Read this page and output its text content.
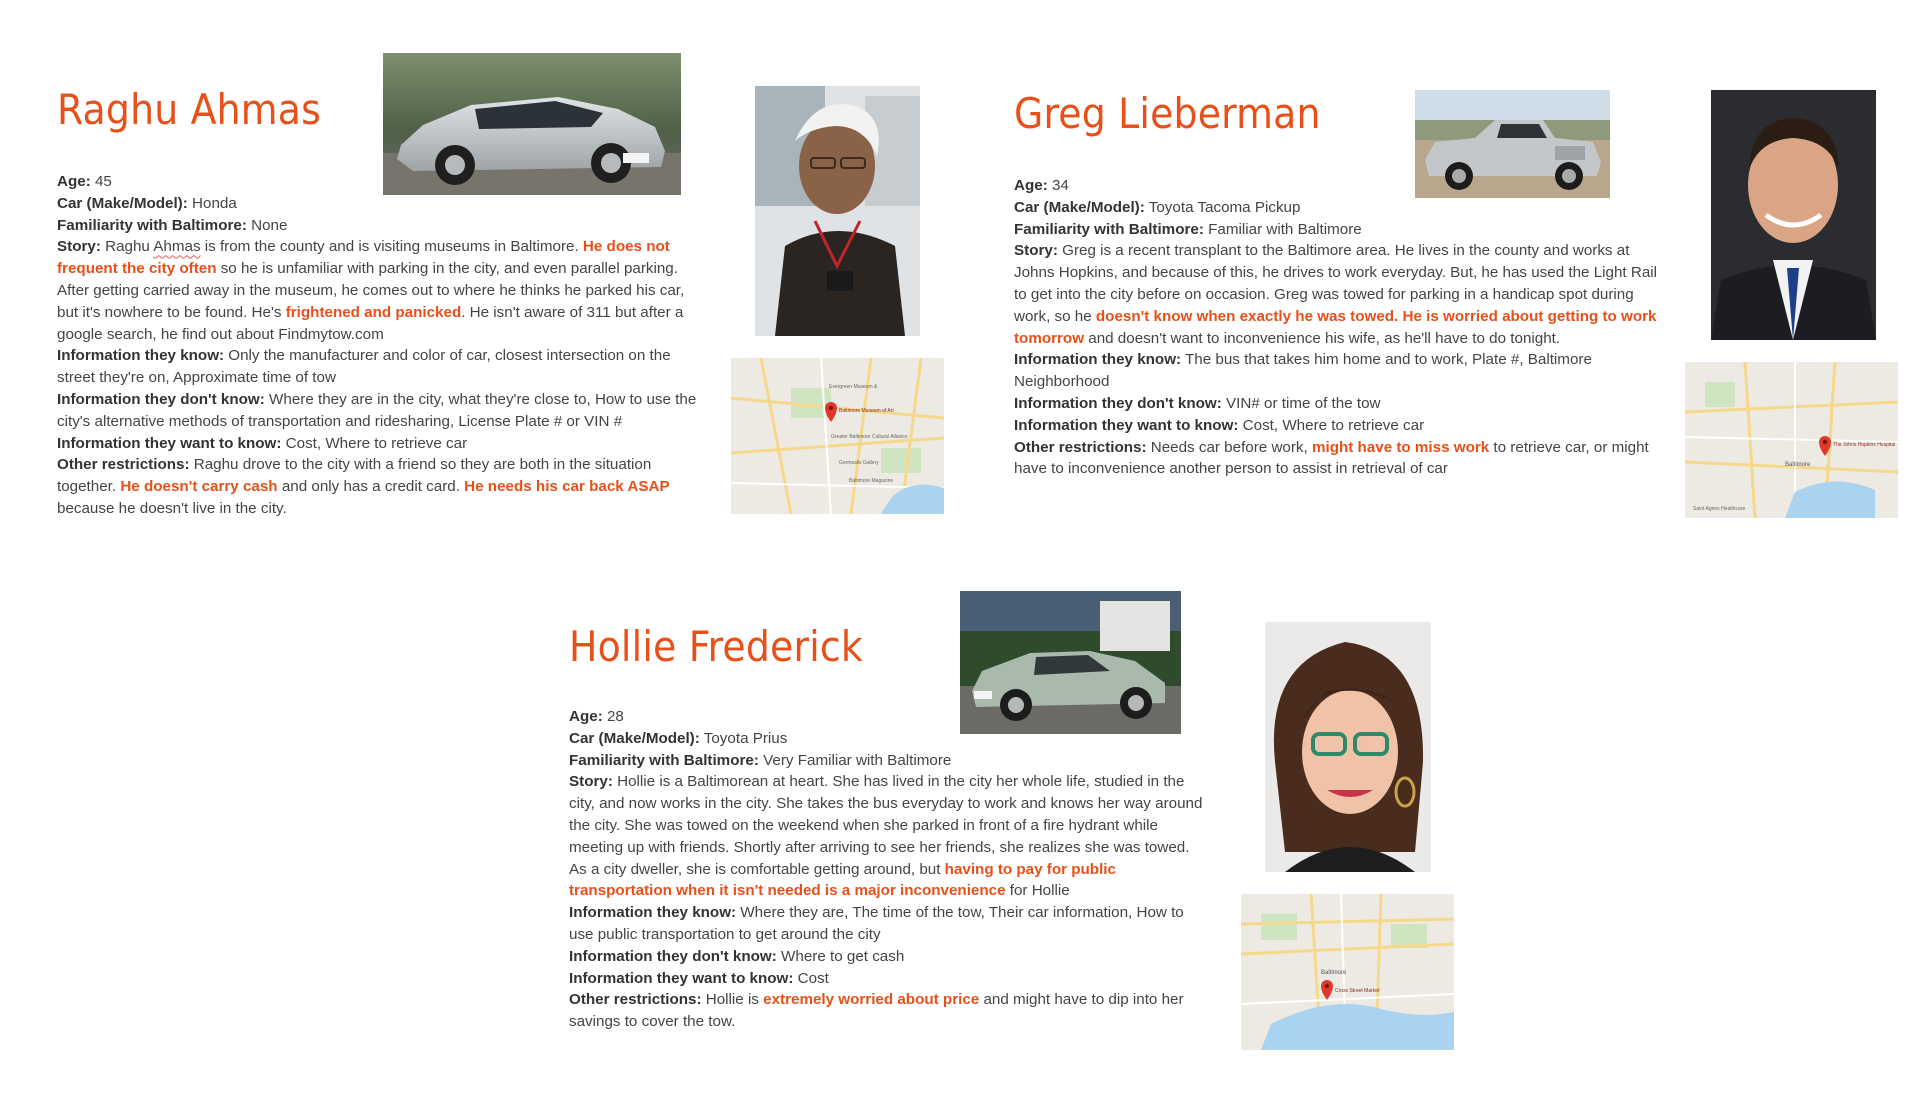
Raghu Ahmas
Evergreen Museum &
Baltimore Museum of Art
Greater Baltimore Cultural Alliance
Gormsalls Gallery
Baltimore Magazine

Age: 45

Car (Make/Model): Honda

Familiarity with Baltimore: None

Story: Raghu Ahmas is from the county and is visiting museums in Baltimore. He does not frequent the city often so he is unfamiliar with parking in the city, and even parallel parking. After getting carried away in the museum, he comes out to where he thinks he parked his car, but it's nowhere to be found. He's frightened and panicked. He isn't aware of 311 but after a google search, he find out about Findmytow.com

Information they know: Only the manufacturer and color of car, closest intersection on the street they're on, Approximate time of tow

Information they don't know: Where they are in the city, what they're close to, How to use the city's alternative methods of transportation and ridesharing, License Plate # or VIN #

Information they want to know: Cost, Where to retrieve car

Other restrictions: Raghu drove to the city with a friend so they are both in the situation together. He doesn't carry cash and only has a credit card. He needs his car back ASAP because he doesn't live in the city.

Greg Lieberman
The Johns Hopkins Hospital
Baltimore
Saint Agnes Healthcare

Age: 34

Car (Make/Model): Toyota Tacoma Pickup

Familiarity with Baltimore: Familiar with Baltimore

Story: Greg is a recent transplant to the Baltimore area. He lives in the county and works at Johns Hopkins, and because of this, he drives to work everyday. But, he has used the Light Rail to get into the city before on occasion. Greg was towed for parking in a handicap spot during work, so he doesn't know when exactly he was towed. He is worried about getting to work tomorrow and doesn't want to inconvenience his wife, as he'll have to do tonight.

Information they know: The bus that takes him home and to work, Plate #, Baltimore Neighborhood

Information they don't know: VIN# or time of the tow

Information they want to know: Cost, Where to retrieve car

Other restrictions: Needs car before work, might have to miss work to retrieve car, or might have to inconvenience another person to assist in retrieval of car

Hollie Frederick
Baltimore
Cross Street Market

Age: 28

Car (Make/Model): Toyota Prius

Familiarity with Baltimore: Very Familiar with Baltimore

Story: Hollie is a Baltimorean at heart. She has lived in the city her whole life, studied in the city, and now works in the city. She takes the bus everyday to work and knows her way around the city. She was towed on the weekend when she parked in front of a fire hydrant while meeting up with friends. Shortly after arriving to see her friends, she realizes she was towed. As a city dweller, she is comfortable getting around, but having to pay for public transportation when it isn't needed is a major inconvenience for Hollie

Information they know: Where they are, The time of the tow, Their car information, How to use public transportation to get around the city

Information they don't know: Where to get cash

Information they want to know: Cost

Other restrictions: Hollie is extremely worried about price and might have to dip into her savings to cover the tow.
